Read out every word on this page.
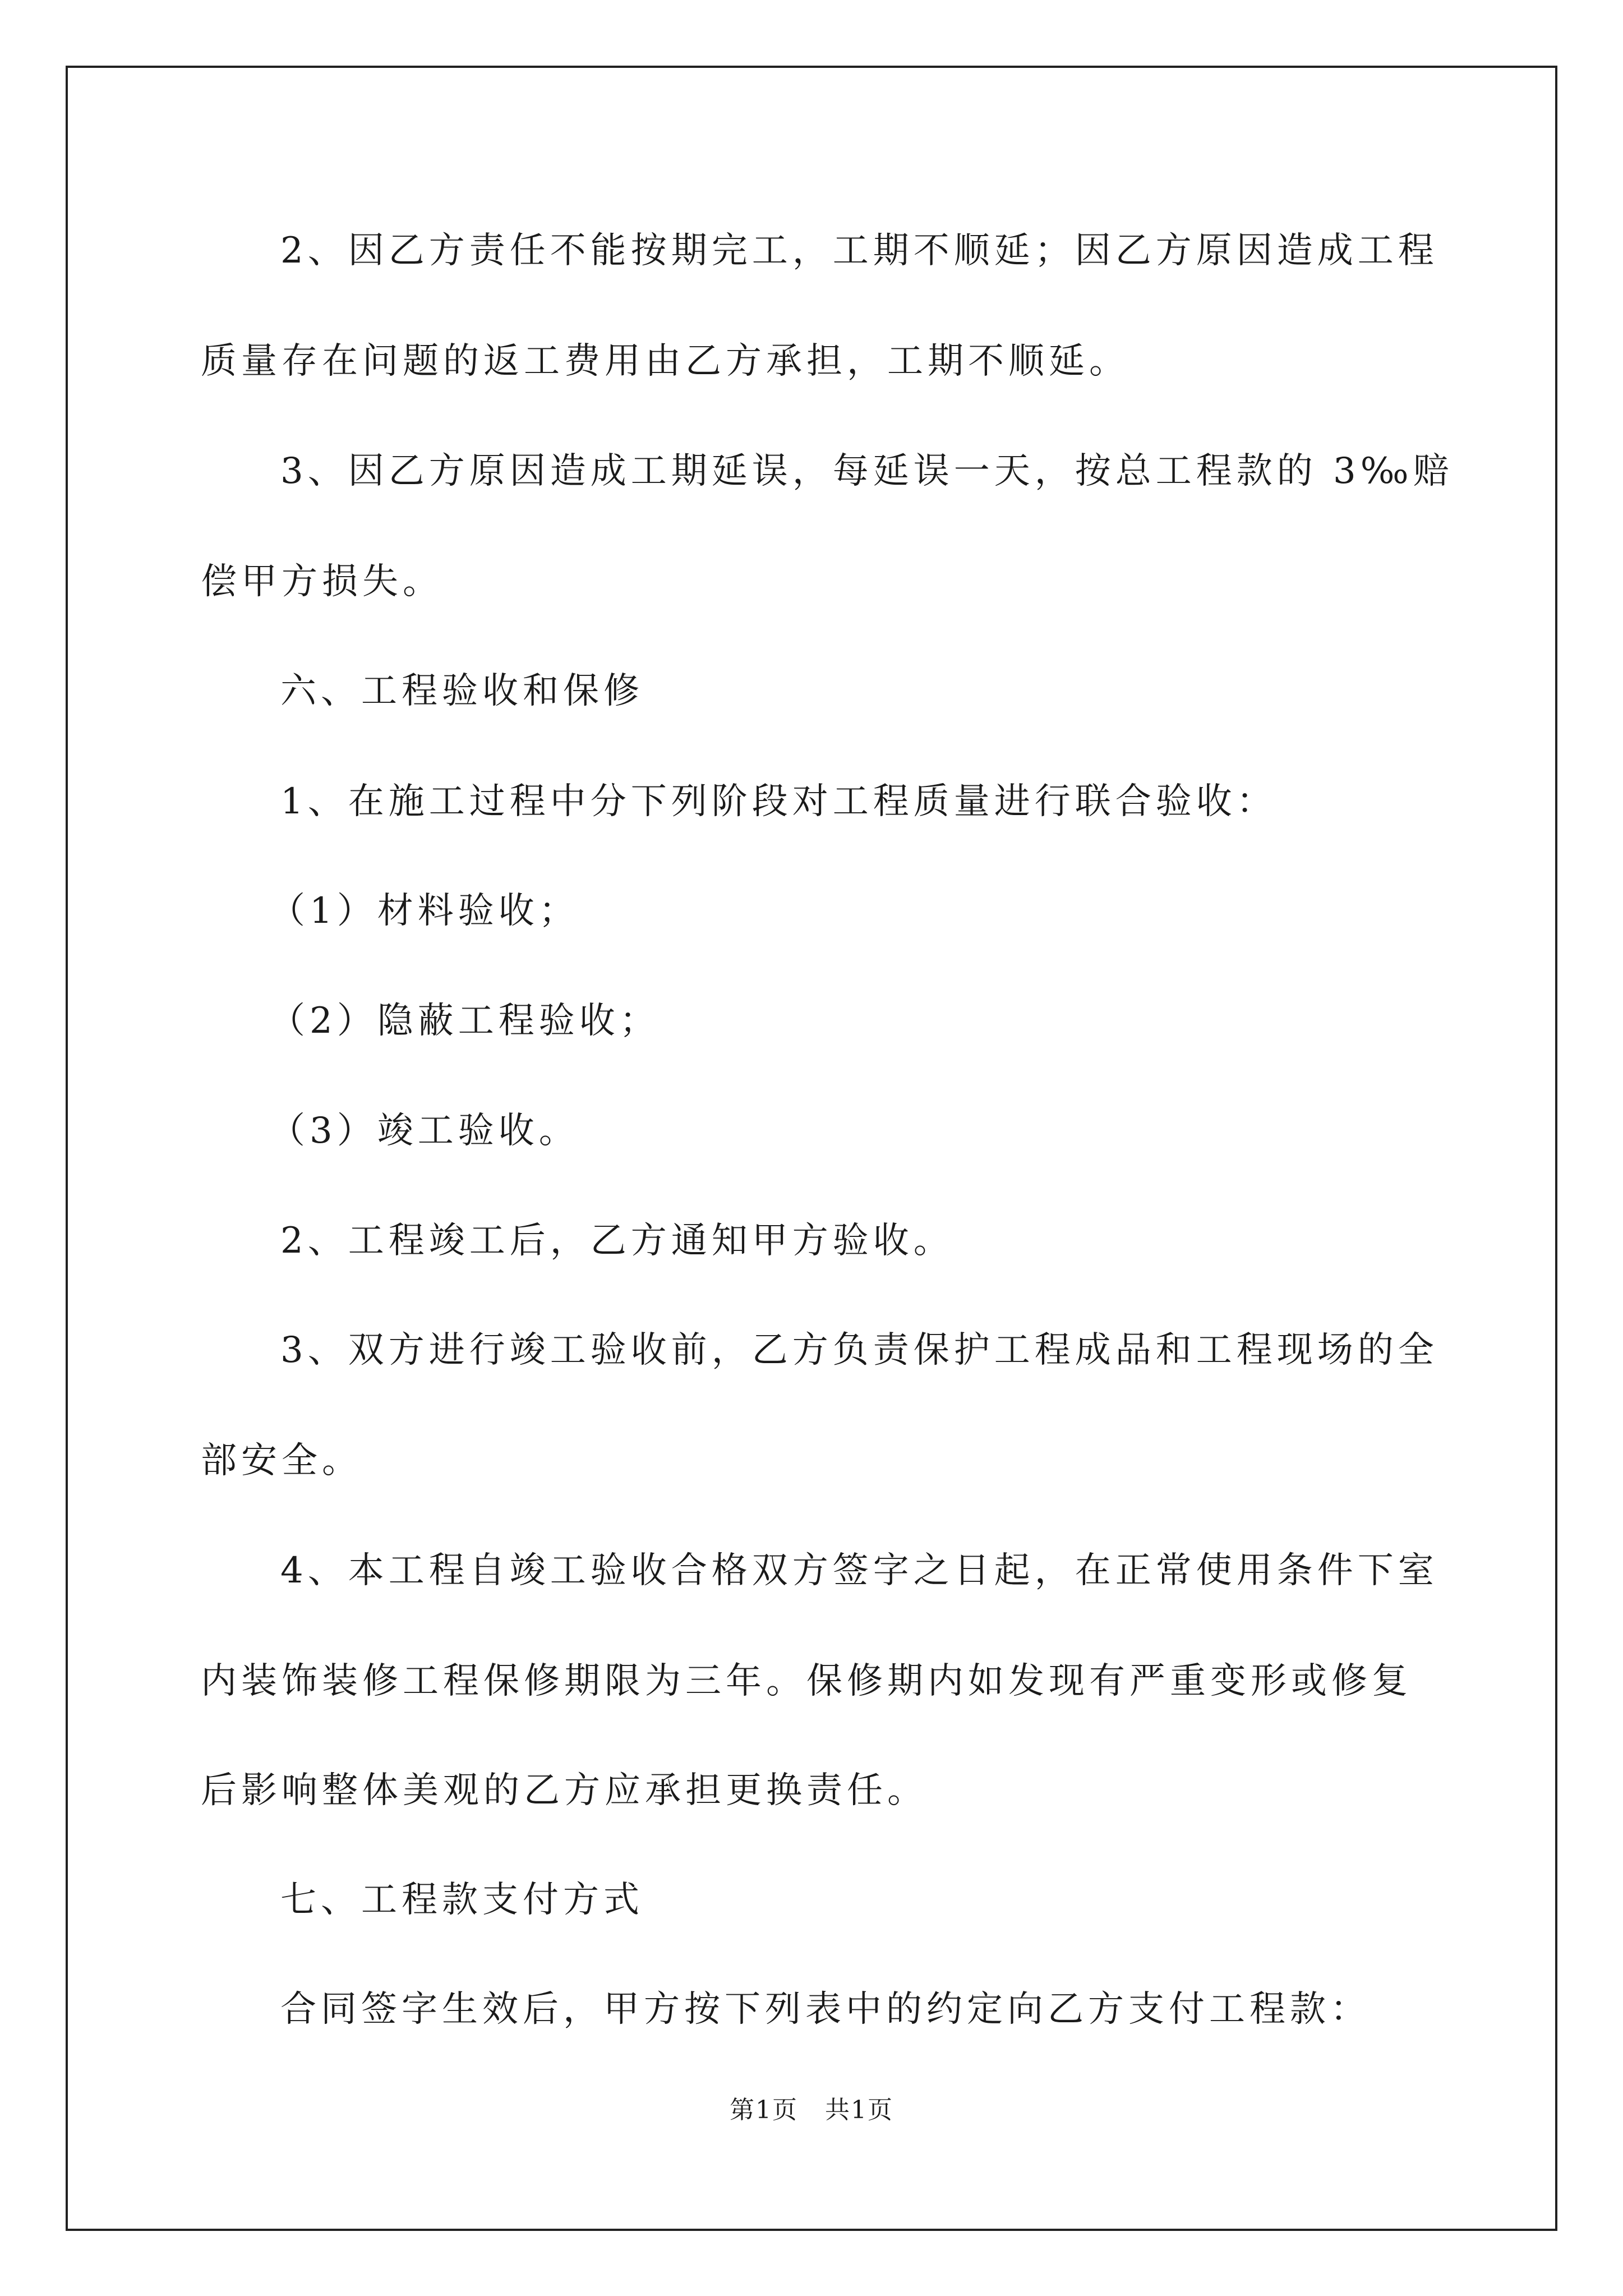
2、因乙方责任不能按期完工，工期不顺延；因乙方原因造成工程
质量存在问题的返工费用由乙方承担，工期不顺延。
3、因乙方原因造成工期延误，每延误一天，按总工程款的 3‰赔
偿甲方损失。
六、工程验收和保修
1、在施工过程中分下列阶段对工程质量进行联合验收：
（1）材料验收；
（2）隐蔽工程验收；
（3）竣工验收。
2、工程竣工后，乙方通知甲方验收。
3、双方进行竣工验收前，乙方负责保护工程成品和工程现场的全
部安全。
4、本工程自竣工验收合格双方签字之日起，在正常使用条件下室
内装饰装修工程保修期限为三年。保修期内如发现有严重变形或修复
后影响整体美观的乙方应承担更换责任。
七、工程款支付方式
合同签字生效后，甲方按下列表中的约定向乙方支付工程款：
第1页   共1页
